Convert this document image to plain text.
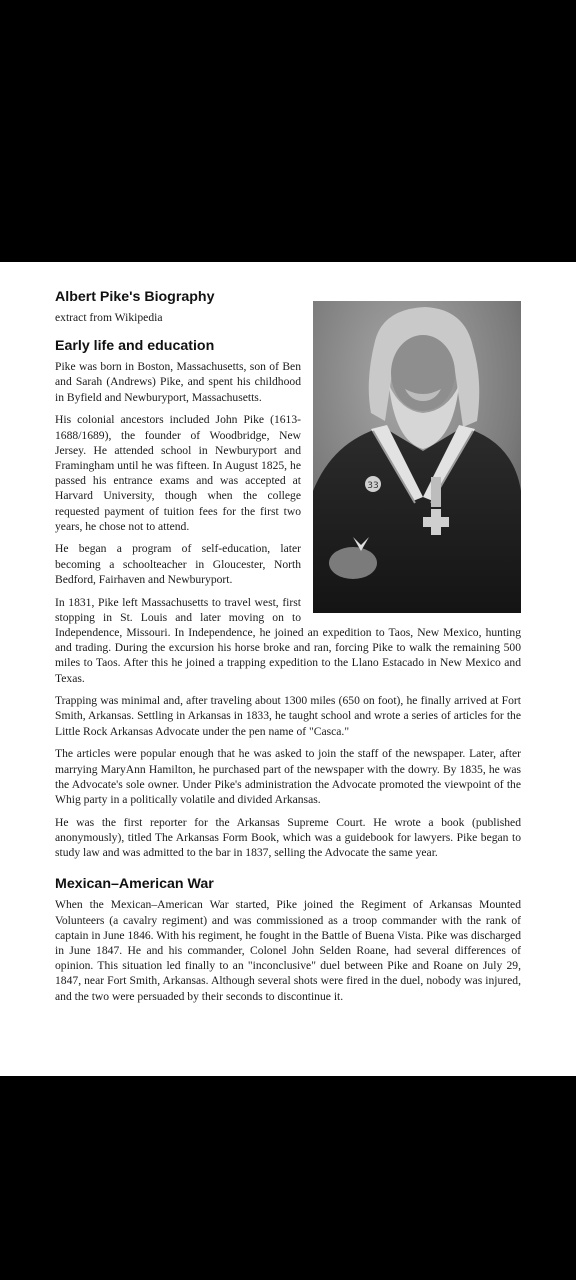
33
Albert Pike's Biography
extract from Wikipedia
Early life and education

Pike was born in Boston, Massachusetts, son of Ben and Sarah (Andrews) Pike, and spent his childhood in Byfield and Newburyport, Massachusetts.

His colonial ancestors included John Pike (1613-1688/1689), the founder of Woodbridge, New Jersey. He attended school in Newburyport and Framingham until he was fifteen. In August 1825, he passed his entrance exams and was accepted at Harvard University, though when the college requested payment of tuition fees for the first two years, he chose not to attend.

He began a program of self-education, later becoming a schoolteacher in Gloucester, North Bedford, Fairhaven and Newburyport.

In 1831, Pike left Massachusetts to travel west, first stopping in St. Louis and later moving on to Independence, Missouri. In Independence, he joined an expedition to Taos, New Mexico, hunting and trading. During the excursion his horse broke and ran, forcing Pike to walk the remaining 500 miles to Taos. After this he joined a trapping expedition to the Llano Estacado in New Mexico and Texas.

Trapping was minimal and, after traveling about 1300 miles (650 on foot), he finally arrived at Fort Smith, Arkansas. Settling in Arkansas in 1833, he taught school and wrote a series of articles for the Little Rock Arkansas Advocate under the pen name of "Casca."

The articles were popular enough that he was asked to join the staff of the newspaper. Later, after marrying MaryAnn Hamilton, he purchased part of the newspaper with the dowry. By 1835, he was the Advocate's sole owner. Under Pike's administration the Advocate promoted the viewpoint of the Whig party in a politically volatile and divided Arkansas.

He was the first reporter for the Arkansas Supreme Court. He wrote a book (published anonymously), titled The Arkansas Form Book, which was a guidebook for lawyers. Pike began to study law and was admitted to the bar in 1837, selling the Advocate the same year.

Mexican–American War

When the Mexican–American War started, Pike joined the Regiment of Arkansas Mounted Volunteers (a cavalry regiment) and was commissioned as a troop commander with the rank of captain in June 1846. With his regiment, he fought in the Battle of Buena Vista. Pike was discharged in June 1847. He and his commander, Colonel John Selden Roane, had several differences of opinion. This situation led finally to an "inconclusive" duel between Pike and Roane on July 29, 1847, near Fort Smith, Arkansas. Although several shots were fired in the duel, nobody was injured, and the two were persuaded by their seconds to discontinue it.
